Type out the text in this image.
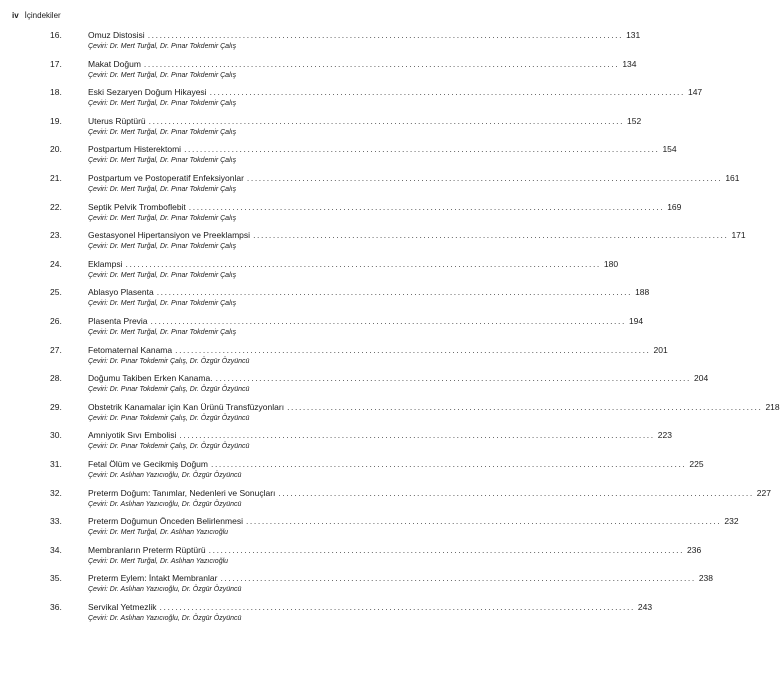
iv İçindekiler
16.	Omuz Distosisi ........................................................................................................................ 131
Çeviri: Dr. Mert Turğal, Dr. Pınar Tokdemir Çalış
17.	Makat Doğum ........................................................................................................................ 134
Çeviri: Dr. Mert Turğal, Dr. Pınar Tokdemir Çalış
18.	Eski Sezaryen Doğum Hikayesi ........................................................................................................................ 147
Çeviri: Dr. Mert Turğal, Dr. Pınar Tokdemir Çalış
19.	Uterus Rüptürü ........................................................................................................................ 152
Çeviri: Dr. Mert Turğal, Dr. Pınar Tokdemir Çalış
20.	Postpartum Histerektomi ........................................................................................................................ 154
Çeviri: Dr. Mert Turğal, Dr. Pınar Tokdemir Çalış
21.	Postpartum ve Postoperatif Enfeksiyonlar ........................................................................................................................ 161
Çeviri: Dr. Mert Turğal, Dr. Pınar Tokdemir Çalış
22.	Septik Pelvik Tromboflebit ........................................................................................................................ 169
Çeviri: Dr. Mert Turğal, Dr. Pınar Tokdemir Çalış
23.	Gestasyonel Hipertansiyon ve Preeklampsi ........................................................................................................................ 171
Çeviri: Dr. Mert Turğal, Dr. Pınar Tokdemir Çalış
24.	Eklampsi ........................................................................................................................ 180
Çeviri: Dr. Mert Turğal, Dr. Pınar Tokdemir Çalış
25.	Ablasyo Plasenta ........................................................................................................................ 188
Çeviri: Dr. Mert Turğal, Dr. Pınar Tokdemir Çalış
26.	Plasenta Previa ........................................................................................................................ 194
Çeviri: Dr. Mert Turğal, Dr. Pınar Tokdemir Çalış
27.	Fetomaternal Kanama ........................................................................................................................ 201
Çeviri: Dr. Pınar Tokdemir Çalış, Dr. Özgür Özyüncü
28.	Doğumu Takiben Erken Kanama. ........................................................................................................................ 204
Çeviri: Dr. Pınar Tokdemir Çalış, Dr. Özgür Özyüncü
29.	Obstetrik Kanamalar için Kan Ürünü Transfüzyonları ........................................................................................................................ 218
Çeviri: Dr. Pınar Tokdemir Çalış, Dr. Özgür Özyüncü
30.	Amniyotik Sıvı Embolisi ........................................................................................................................ 223
Çeviri: Dr. Pınar Tokdemir Çalış, Dr. Özgür Özyüncü
31.	Fetal Ölüm ve Gecikmiş Doğum ........................................................................................................................ 225
Çeviri: Dr. Aslıhan Yazıcıoğlu, Dr. Özgür Özyüncü
32.	Preterm Doğum: Tanımlar, Nedenleri ve Sonuçları ........................................................................................................................ 227
Çeviri: Dr. Aslıhan Yazıcıoğlu, Dr. Özgür Özyüncü
33.	Preterm Doğumun Önceden Belirlenmesi ........................................................................................................................ 232
Çeviri: Dr. Mert Turğal, Dr. Aslıhan Yazıcıoğlu
34.	Membranların Preterm Rüptürü ........................................................................................................................ 236
Çeviri: Dr. Mert Turğal, Dr. Aslıhan Yazıcıoğlu
35.	Preterm Eylem: İntakt Membranlar ........................................................................................................................ 238
Çeviri: Dr. Aslıhan Yazıcıoğlu, Dr. Özgür Özyüncü
36.	Servikal Yetmezlik ........................................................................................................................ 243
Çeviri: Dr. Aslıhan Yazıcıoğlu, Dr. Özgür Özyüncü
